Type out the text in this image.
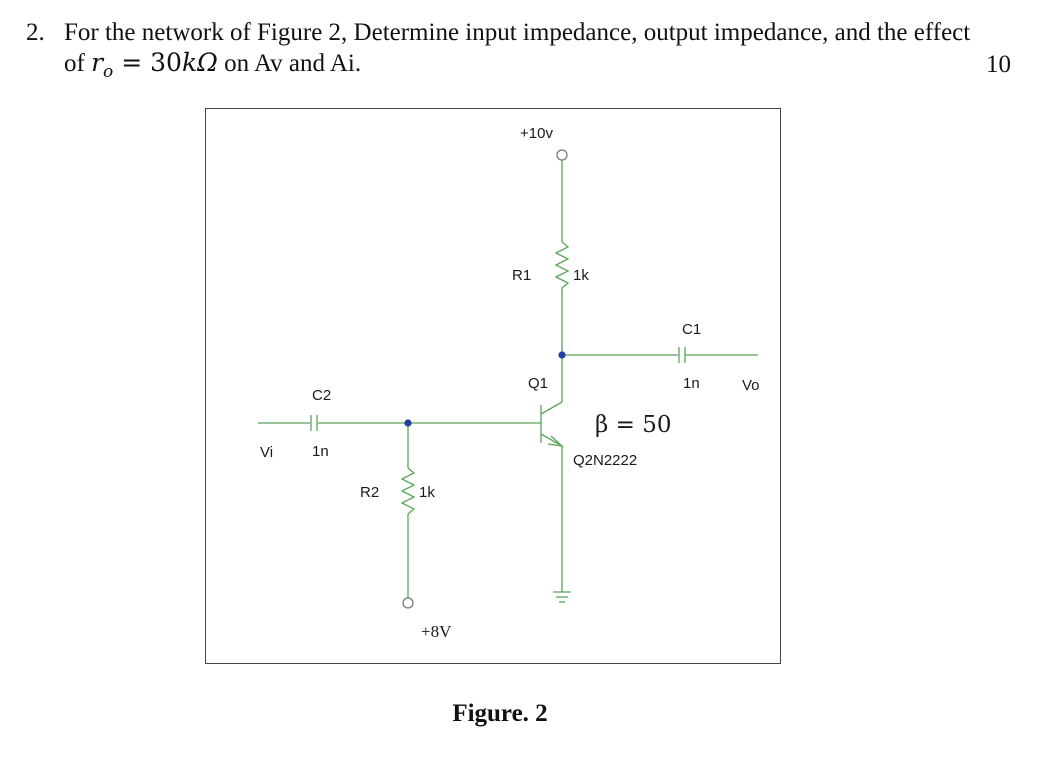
2. For the network of Figure 2, Determine input impedance, output impedance, and the effect
of $r_o = 30k\Omega$ on Av and Ai.	10
+10v
R1	1k
C1
1n	Vo
Q1
β = 50
Q2N2222
C2
1n
Vi
R2	1k
+8V
Figure. 2
